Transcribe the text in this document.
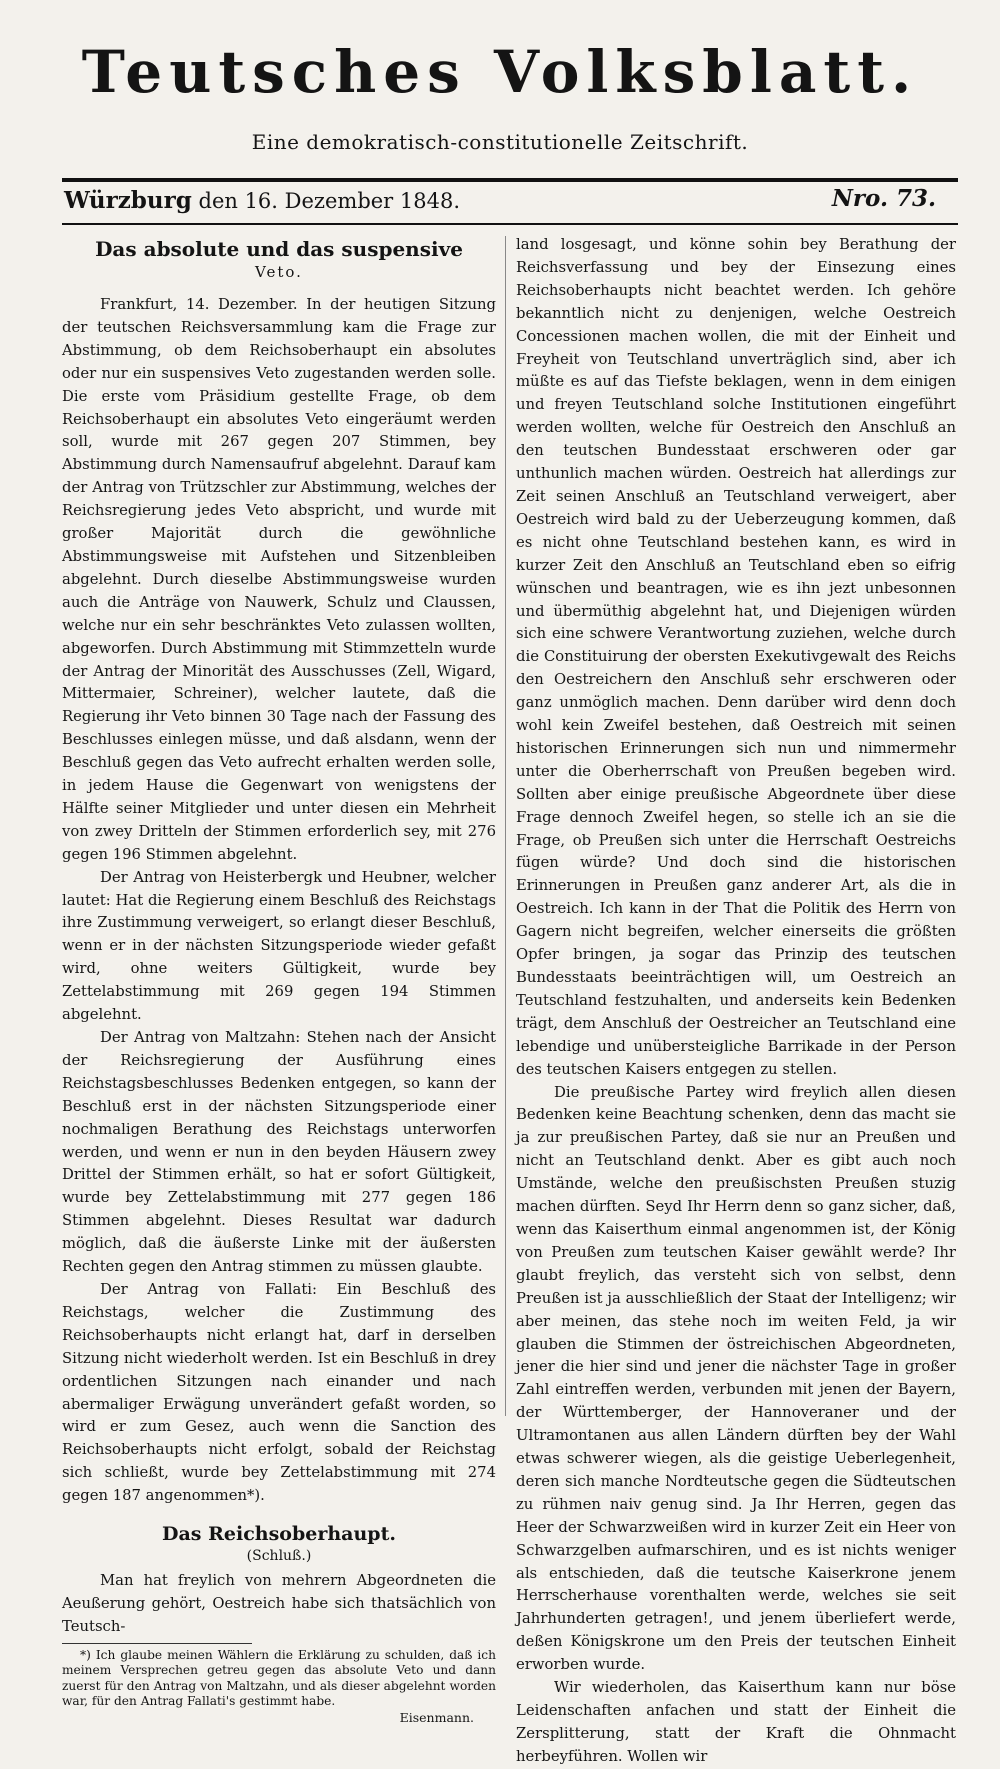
Teutsches Volksblatt.
Eine demokratisch-constitutionelle Zeitschrift.
Würzburg den 16. Dezember 1848.	Nro. 73.

Das absolute und das suspensive

Veto.

Frankfurt, 14. Dezember. In der heutigen Sitzung der teutschen Reichsversammlung kam die Frage zur Abstimmung, ob dem Reichsoberhaupt ein absolutes oder nur ein suspensives Veto zugestanden werden solle. Die erste vom Präsidium gestellte Frage, ob dem Reichsoberhaupt ein absolutes Veto eingeräumt werden soll, wurde mit 267 gegen 207 Stimmen, bey Abstimmung durch Namensaufruf abgelehnt. Darauf kam der Antrag von Trützschler zur Abstimmung, welches der Reichsregierung jedes Veto abspricht, und wurde mit großer Majorität durch die gewöhnliche Abstimmungsweise mit Aufstehen und Sitzenbleiben abgelehnt. Durch dieselbe Abstimmungsweise wurden auch die Anträge von Nauwerk, Schulz und Claussen, welche nur ein sehr beschränktes Veto zulassen wollten, abgeworfen. Durch Abstimmung mit Stimmzetteln wurde der Antrag der Minorität des Ausschusses (Zell, Wigard, Mittermaier, Schreiner), welcher lautete, daß die Regierung ihr Veto binnen 30 Tage nach der Fassung des Beschlusses einlegen müsse, und daß alsdann, wenn der Beschluß gegen das Veto aufrecht erhalten werden solle, in jedem Hause die Gegenwart von wenigstens der Hälfte seiner Mitglieder und unter diesen ein Mehrheit von zwey Dritteln der Stimmen erforderlich sey, mit 276 gegen 196 Stimmen abgelehnt.

Der Antrag von Heisterbergk und Heubner, welcher lautet: Hat die Regierung einem Beschluß des Reichstags ihre Zustimmung verweigert, so erlangt dieser Beschluß, wenn er in der nächsten Sitzungsperiode wieder gefaßt wird, ohne weiters Gültigkeit, wurde bey Zettelabstimmung mit 269 gegen 194 Stimmen abgelehnt.

Der Antrag von Maltzahn: Stehen nach der Ansicht der Reichsregierung der Ausführung eines Reichstagsbeschlusses Bedenken entgegen, so kann der Beschluß erst in der nächsten Sitzungsperiode einer nochmaligen Berathung des Reichstags unterworfen werden, und wenn er nun in den beyden Häusern zwey Drittel der Stimmen erhält, so hat er sofort Gültigkeit, wurde bey Zettelabstimmung mit 277 gegen 186 Stimmen abgelehnt. Dieses Resultat war dadurch möglich, daß die äußerste Linke mit der äußersten Rechten gegen den Antrag stimmen zu müssen glaubte.

Der Antrag von Fallati: Ein Beschluß des Reichstags, welcher die Zustimmung des Reichsoberhaupts nicht erlangt hat, darf in derselben Sitzung nicht wiederholt werden. Ist ein Beschluß in drey ordentlichen Sitzungen nach einander und nach abermaliger Erwägung unverändert gefaßt worden, so wird er zum Gesez, auch wenn die Sanction des Reichsoberhaupts nicht erfolgt, sobald der Reichstag sich schließt, wurde bey Zettelabstimmung mit 274 gegen 187 angenommen*).

Das Reichsoberhaupt.

(Schluß.)

Man hat freylich von mehrern Abgeordneten die Aeußerung gehört, Oestreich habe sich thatsächlich von Teutsch-

*) Ich glaube meinen Wählern die Erklärung zu schulden, daß ich meinem Versprechen getreu gegen das absolute Veto und dann zuerst für den Antrag von Maltzahn, und als dieser abgelehnt worden war, für den Antrag Fallati's gestimmt habe.

Eisenmann.

land losgesagt, und könne sohin bey Berathung der Reichsverfassung und bey der Einsezung eines Reichsoberhaupts nicht beachtet werden. Ich gehöre bekanntlich nicht zu denjenigen, welche Oestreich Concessionen machen wollen, die mit der Einheit und Freyheit von Teutschland unverträglich sind, aber ich müßte es auf das Tiefste beklagen, wenn in dem einigen und freyen Teutschland solche Institutionen eingeführt werden wollten, welche für Oestreich den Anschluß an den teutschen Bundesstaat erschweren oder gar unthunlich machen würden. Oestreich hat allerdings zur Zeit seinen Anschluß an Teutschland verweigert, aber Oestreich wird bald zu der Ueberzeugung kommen, daß es nicht ohne Teutschland bestehen kann, es wird in kurzer Zeit den Anschluß an Teutschland eben so eifrig wünschen und beantragen, wie es ihn jezt unbesonnen und übermüthig abgelehnt hat, und Diejenigen würden sich eine schwere Verantwortung zuziehen, welche durch die Constituirung der obersten Exekutivgewalt des Reichs den Oestreichern den Anschluß sehr erschweren oder ganz unmöglich machen. Denn darüber wird denn doch wohl kein Zweifel bestehen, daß Oestreich mit seinen historischen Erinnerungen sich nun und nimmermehr unter die Oberherrschaft von Preußen begeben wird. Sollten aber einige preußische Abgeordnete über diese Frage dennoch Zweifel hegen, so stelle ich an sie die Frage, ob Preußen sich unter die Herrschaft Oestreichs fügen würde? Und doch sind die historischen Erinnerungen in Preußen ganz anderer Art, als die in Oestreich. Ich kann in der That die Politik des Herrn von Gagern nicht begreifen, welcher einerseits die größten Opfer bringen, ja sogar das Prinzip des teutschen Bundesstaats beeinträchtigen will, um Oestreich an Teutschland festzuhalten, und anderseits kein Bedenken trägt, dem Anschluß der Oestreicher an Teutschland eine lebendige und unübersteigliche Barrikade in der Person des teutschen Kaisers entgegen zu stellen.

Die preußische Partey wird freylich allen diesen Bedenken keine Beachtung schenken, denn das macht sie ja zur preußischen Partey, daß sie nur an Preußen und nicht an Teutschland denkt. Aber es gibt auch noch Umstände, welche den preußischsten Preußen stuzig machen dürften. Seyd Ihr Herrn denn so ganz sicher, daß, wenn das Kaiserthum einmal angenommen ist, der König von Preußen zum teutschen Kaiser gewählt werde? Ihr glaubt freylich, das versteht sich von selbst, denn Preußen ist ja ausschließlich der Staat der Intelligenz; wir aber meinen, das stehe noch im weiten Feld, ja wir glauben die Stimmen der östreichischen Abgeordneten, jener die hier sind und jener die nächster Tage in großer Zahl eintreffen werden, verbunden mit jenen der Bayern, der Württemberger, der Hannoveraner und der Ultramontanen aus allen Ländern dürften bey der Wahl etwas schwerer wiegen, als die geistige Ueberlegenheit, deren sich manche Nordteutsche gegen die Südteutschen zu rühmen naiv genug sind. Ja Ihr Herren, gegen das Heer der Schwarzweißen wird in kurzer Zeit ein Heer von Schwarzgelben aufmarschiren, und es ist nichts weniger als entschieden, daß die teutsche Kaiserkrone jenem Herrscherhause vorenthalten werde, welches sie seit Jahrhunderten getragen!, und jenem überliefert werde, deßen Königskrone um den Preis der teutschen Einheit erworben wurde.

Wir wiederholen, das Kaiserthum kann nur böse Leidenschaften anfachen und statt der Einheit die Zersplitterung, statt der Kraft die Ohnmacht herbeyführen. Wollen wir
